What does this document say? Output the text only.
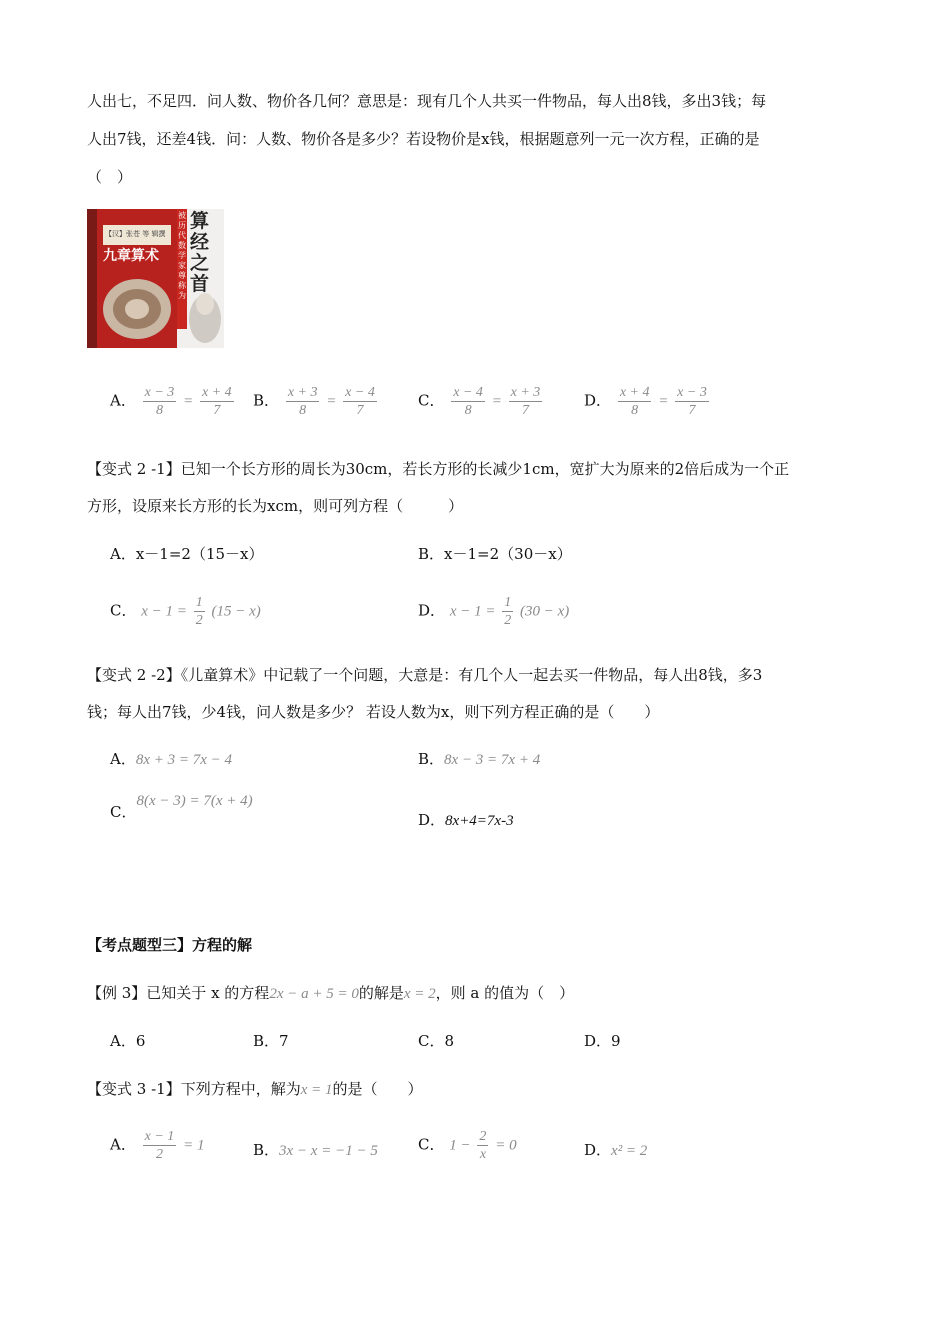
人出七，不足四．问人数、物价各几何？意思是：现有几个人共买一件物品，每人出8钱，多出3钱；每
人出7钱，还差4钱．问：人数、物价各是多少？若设物价是x钱，根据题意列一元一次方程，正确的是
（　）
【汉】张苍 等 辑撰
九章算术
被历代数学家尊称为
算经之首
A． $\frac{x - 3}{8} = \frac{x + 4}{7}$ B． $\frac{x + 3}{8} = \frac{x - 4}{7}$	C． $\frac{x - 4}{8} = \frac{x + 3}{7}$	D． $\frac{x + 4}{8} = \frac{x - 3}{7}$
【变式 2 -1】已知一个长方形的周长为30cm，若长方形的长减少1cm，宽扩大为原来的2倍后成为一个正
方形，设原来长方形的长为xcm，则可列方程（　　　）
A．x－1=2（15－x）	B．x－1=2（30－x）
C． $x - 1 = \frac{1}{2} (15 - x)$	D． $x - 1 = \frac{1}{2} (30 - x)$
【变式 2 -2】《儿童算术》中记载了一个问题，大意是：有几个人一起去买一件物品，每人出8钱，多3
钱；每人出7钱，少4钱，问人数是多少？ 若设人数为x，则下列方程正确的是（　　）
A．8x + 3 = 7x − 4	B．8x − 3 = 7x + 4
C．8(x − 3) = 7(x + 4)
D．8x+4=7x-3
【考点题型三】方程的解
【例 3】已知关于 x 的方程2x − a + 5 = 0的解是x = 2，则 a 的值为（　）
A．6	B．7	C．8	D．9
【变式 3 -1】下列方程中，解为x = 1的是（　　）
A． $\frac{x - 1}{2} = 1$	B．3x − x = −1 − 5	C． $1 - \frac{2}{x} = 0$	D．x² = 2
